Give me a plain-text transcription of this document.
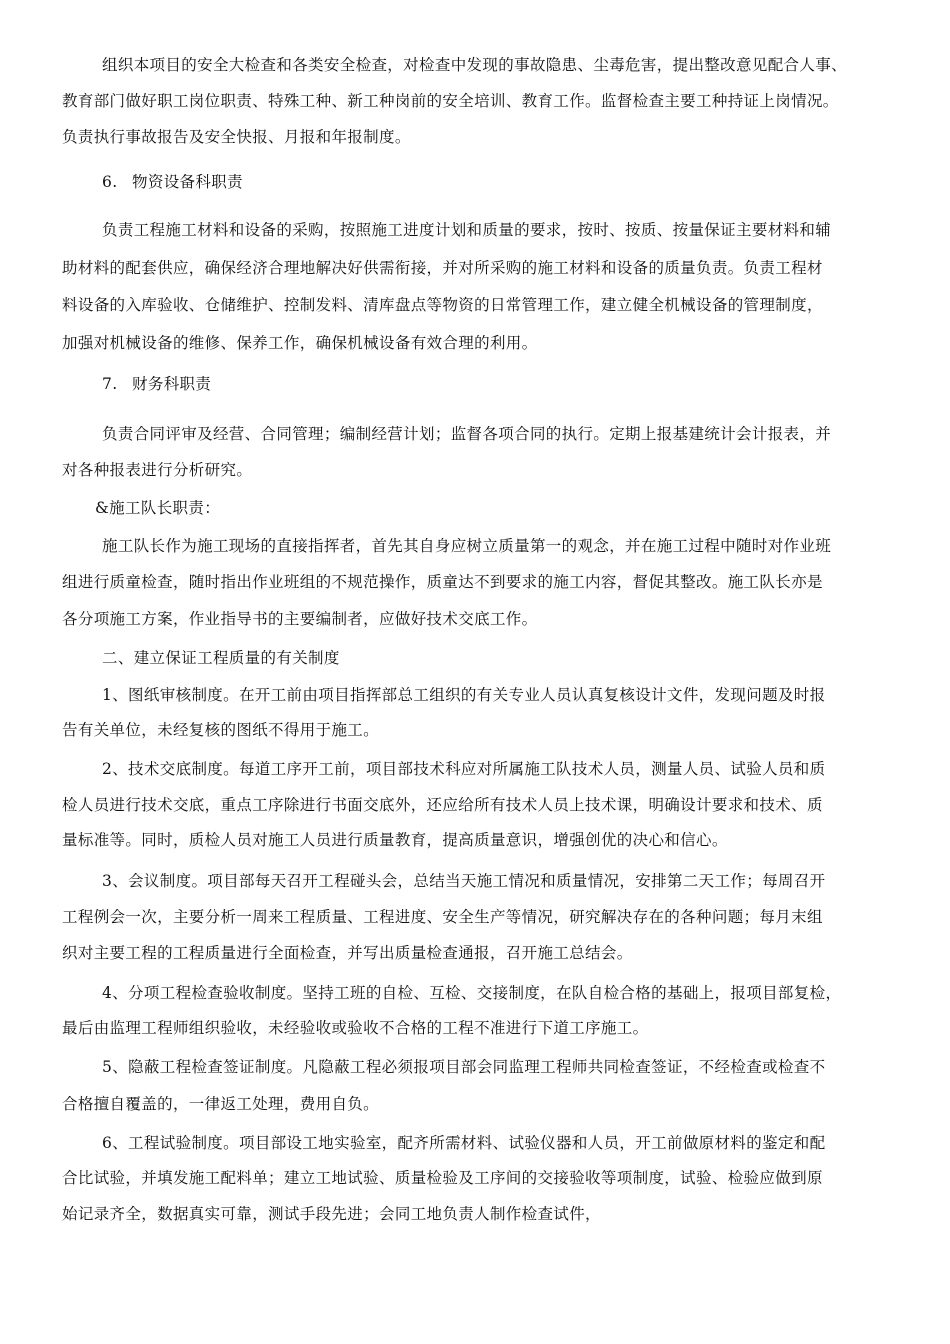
组织本项目的安全大检查和各类安全检查，对检查中发现的事故隐患、尘毒危害，提出整改意见配合人事、
教育部门做好职工岗位职责、特殊工种、新工种岗前的安全培训、教育工作。监督检查主要工种持证上岗情况。
负责执行事故报告及安全快报、月报和年报制度。
6. 物资设备科职责
负责工程施工材料和设备的采购，按照施工进度计划和质量的要求，按时、按质、按量保证主要材料和辅
助材料的配套供应，确保经济合理地解决好供需衔接，并对所采购的施工材料和设备的质量负责。负责工程材
料设备的入库验收、仓储维护、控制发料、清库盘点等物资的日常管理工作，建立健全机械设备的管理制度，
加强对机械设备的维修、保养工作，确保机械设备有效合理的利用。
7. 财务科职责
负责合同评审及经营、合同管理；编制经营计划；监督各项合同的执行。定期上报基建统计会计报表，并
对各种报表进行分析研究。
&施工队长职责：
施工队长作为施工现场的直接指挥者，首先其自身应树立质量第一的观念，并在施工过程中随时对作业班
组进行质童检查，随时指出作业班组的不规范操作，质童达不到要求的施工内容，督促其整改。施工队长亦是
各分项施工方案，作业指导书的主要编制者，应做好技术交底工作。
二、建立保证工程质量的有关制度
1、图纸审核制度。在开工前由项目指挥部总工组织的有关专业人员认真复核设计文件，发现问题及时报
告有关单位，未经复核的图纸不得用于施工。
2、技术交底制度。每道工序开工前，项目部技术科应对所属施工队技术人员，测量人员、试验人员和质
检人员进行技术交底，重点工序除进行书面交底外，还应给所有技术人员上技术课，明确设计要求和技术、质
量标准等。同时，质检人员对施工人员进行质量教育，提高质量意识，增强创优的决心和信心。
3、会议制度。项目部每天召开工程碰头会，总结当天施工情况和质量情况，安排第二天工作；每周召开
工程例会一次，主要分析一周来工程质量、工程进度、安全生产等情况，研究解决存在的各种问题；每月末组
织对主要工程的工程质量进行全面检查，并写出质量检查通报，召开施工总结会。
4、分项工程检查验收制度。坚持工班的自检、互检、交接制度，在队自检合格的基础上，报项目部复检，
最后由监理工程师组织验收，未经验收或验收不合格的工程不准进行下道工序施工。
5、隐蔽工程检查签证制度。凡隐蔽工程必须报项目部会同监理工程师共同检查签证，不经检查或检查不
合格擅自覆盖的，一律返工处理，费用自负。
6、工程试验制度。项目部设工地实验室，配齐所需材料、试验仪器和人员，开工前做原材料的鉴定和配
合比试验，并填发施工配料单；建立工地试验、质量检验及工序间的交接验收等项制度，试验、检验应做到原
始记录齐全，数据真实可靠，测试手段先进；会同工地负责人制作检查试件，
